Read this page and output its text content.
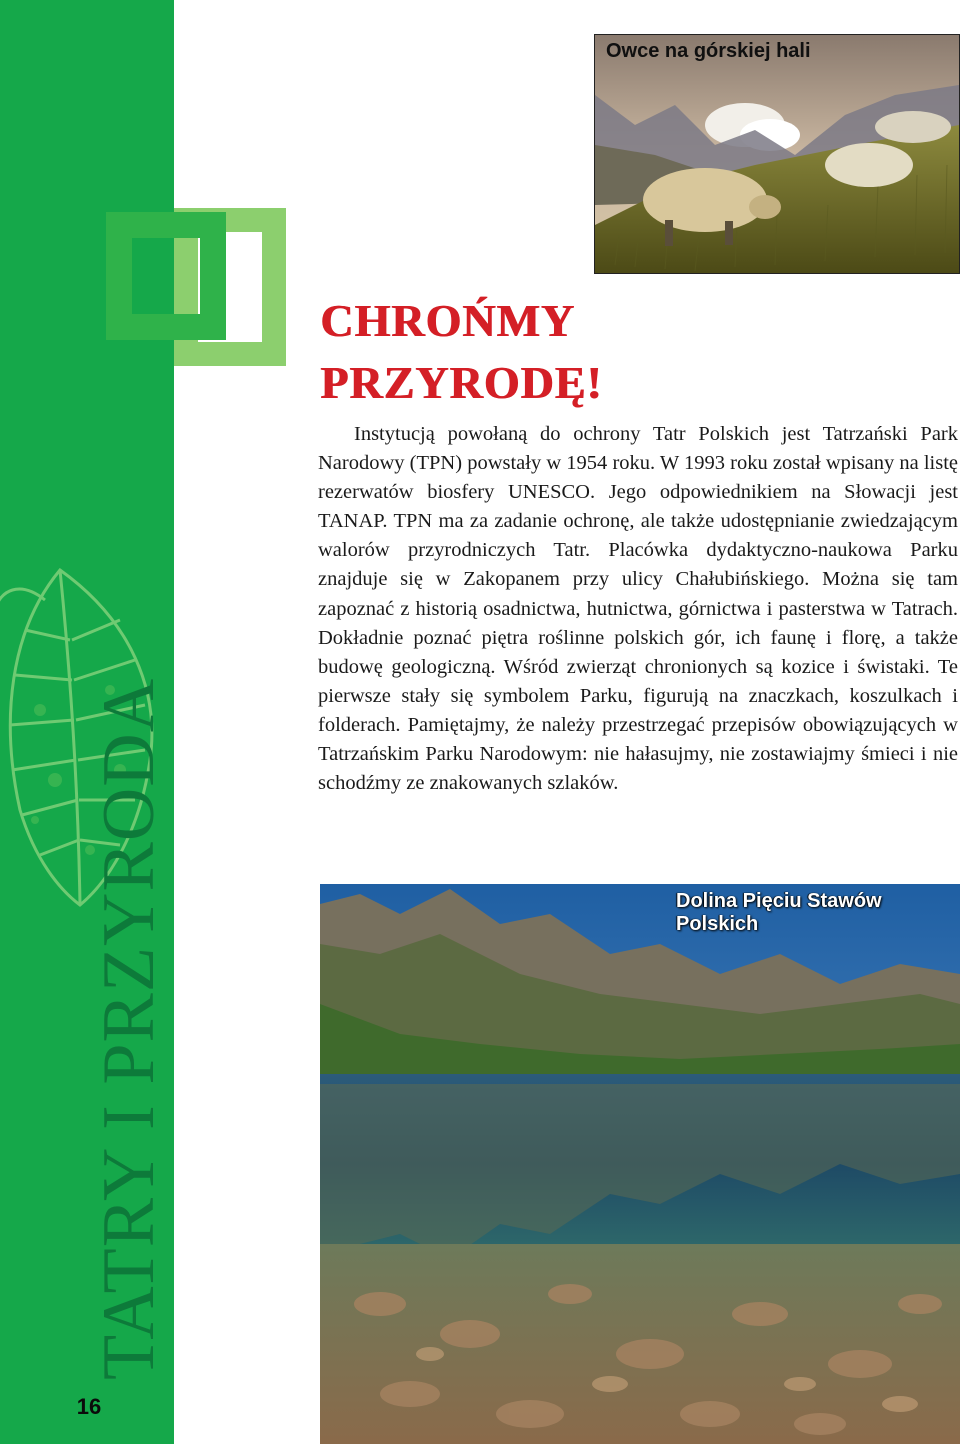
TATRY I PRZYRODA
16
Owce na górskiej hali
CHROŃMY
PRZYRODĘ!
Instytucją powołaną do ochrony Tatr Polskich jest Tatrzański Park Narodowy (TPN) powstały w 1954 roku. W 1993 roku został wpisany na listę rezerwatów biosfery UNESCO. Jego odpowiednikiem na Słowacji jest TANAP. TPN ma za zadanie ochronę, ale także udostępnianie zwiedzającym walorów przyrodniczych Tatr. Placówka dydaktyczno-naukowa Parku znajduje się w Zakopanem przy ulicy Chałubińskiego. Można się tam zapoznać z historią osadnictwa, hutnictwa, górnictwa i pasterstwa w Tatrach. Dokładnie poznać piętra roślinne polskich gór, ich faunę i florę, a także budowę geologiczną. Wśród zwierząt chronionych są kozice i świstaki. Te pierwsze stały się symbolem Parku, figurują na znaczkach, koszulkach i folderach. Pamiętajmy, że należy przestrzegać przepisów obowiązujących w Tatrzańskim Parku Narodowym: nie hałasujmy, nie zostawiajmy śmieci i nie schodźmy ze znakowanych szlaków.
Dolina Pięciu Stawów Polskich
